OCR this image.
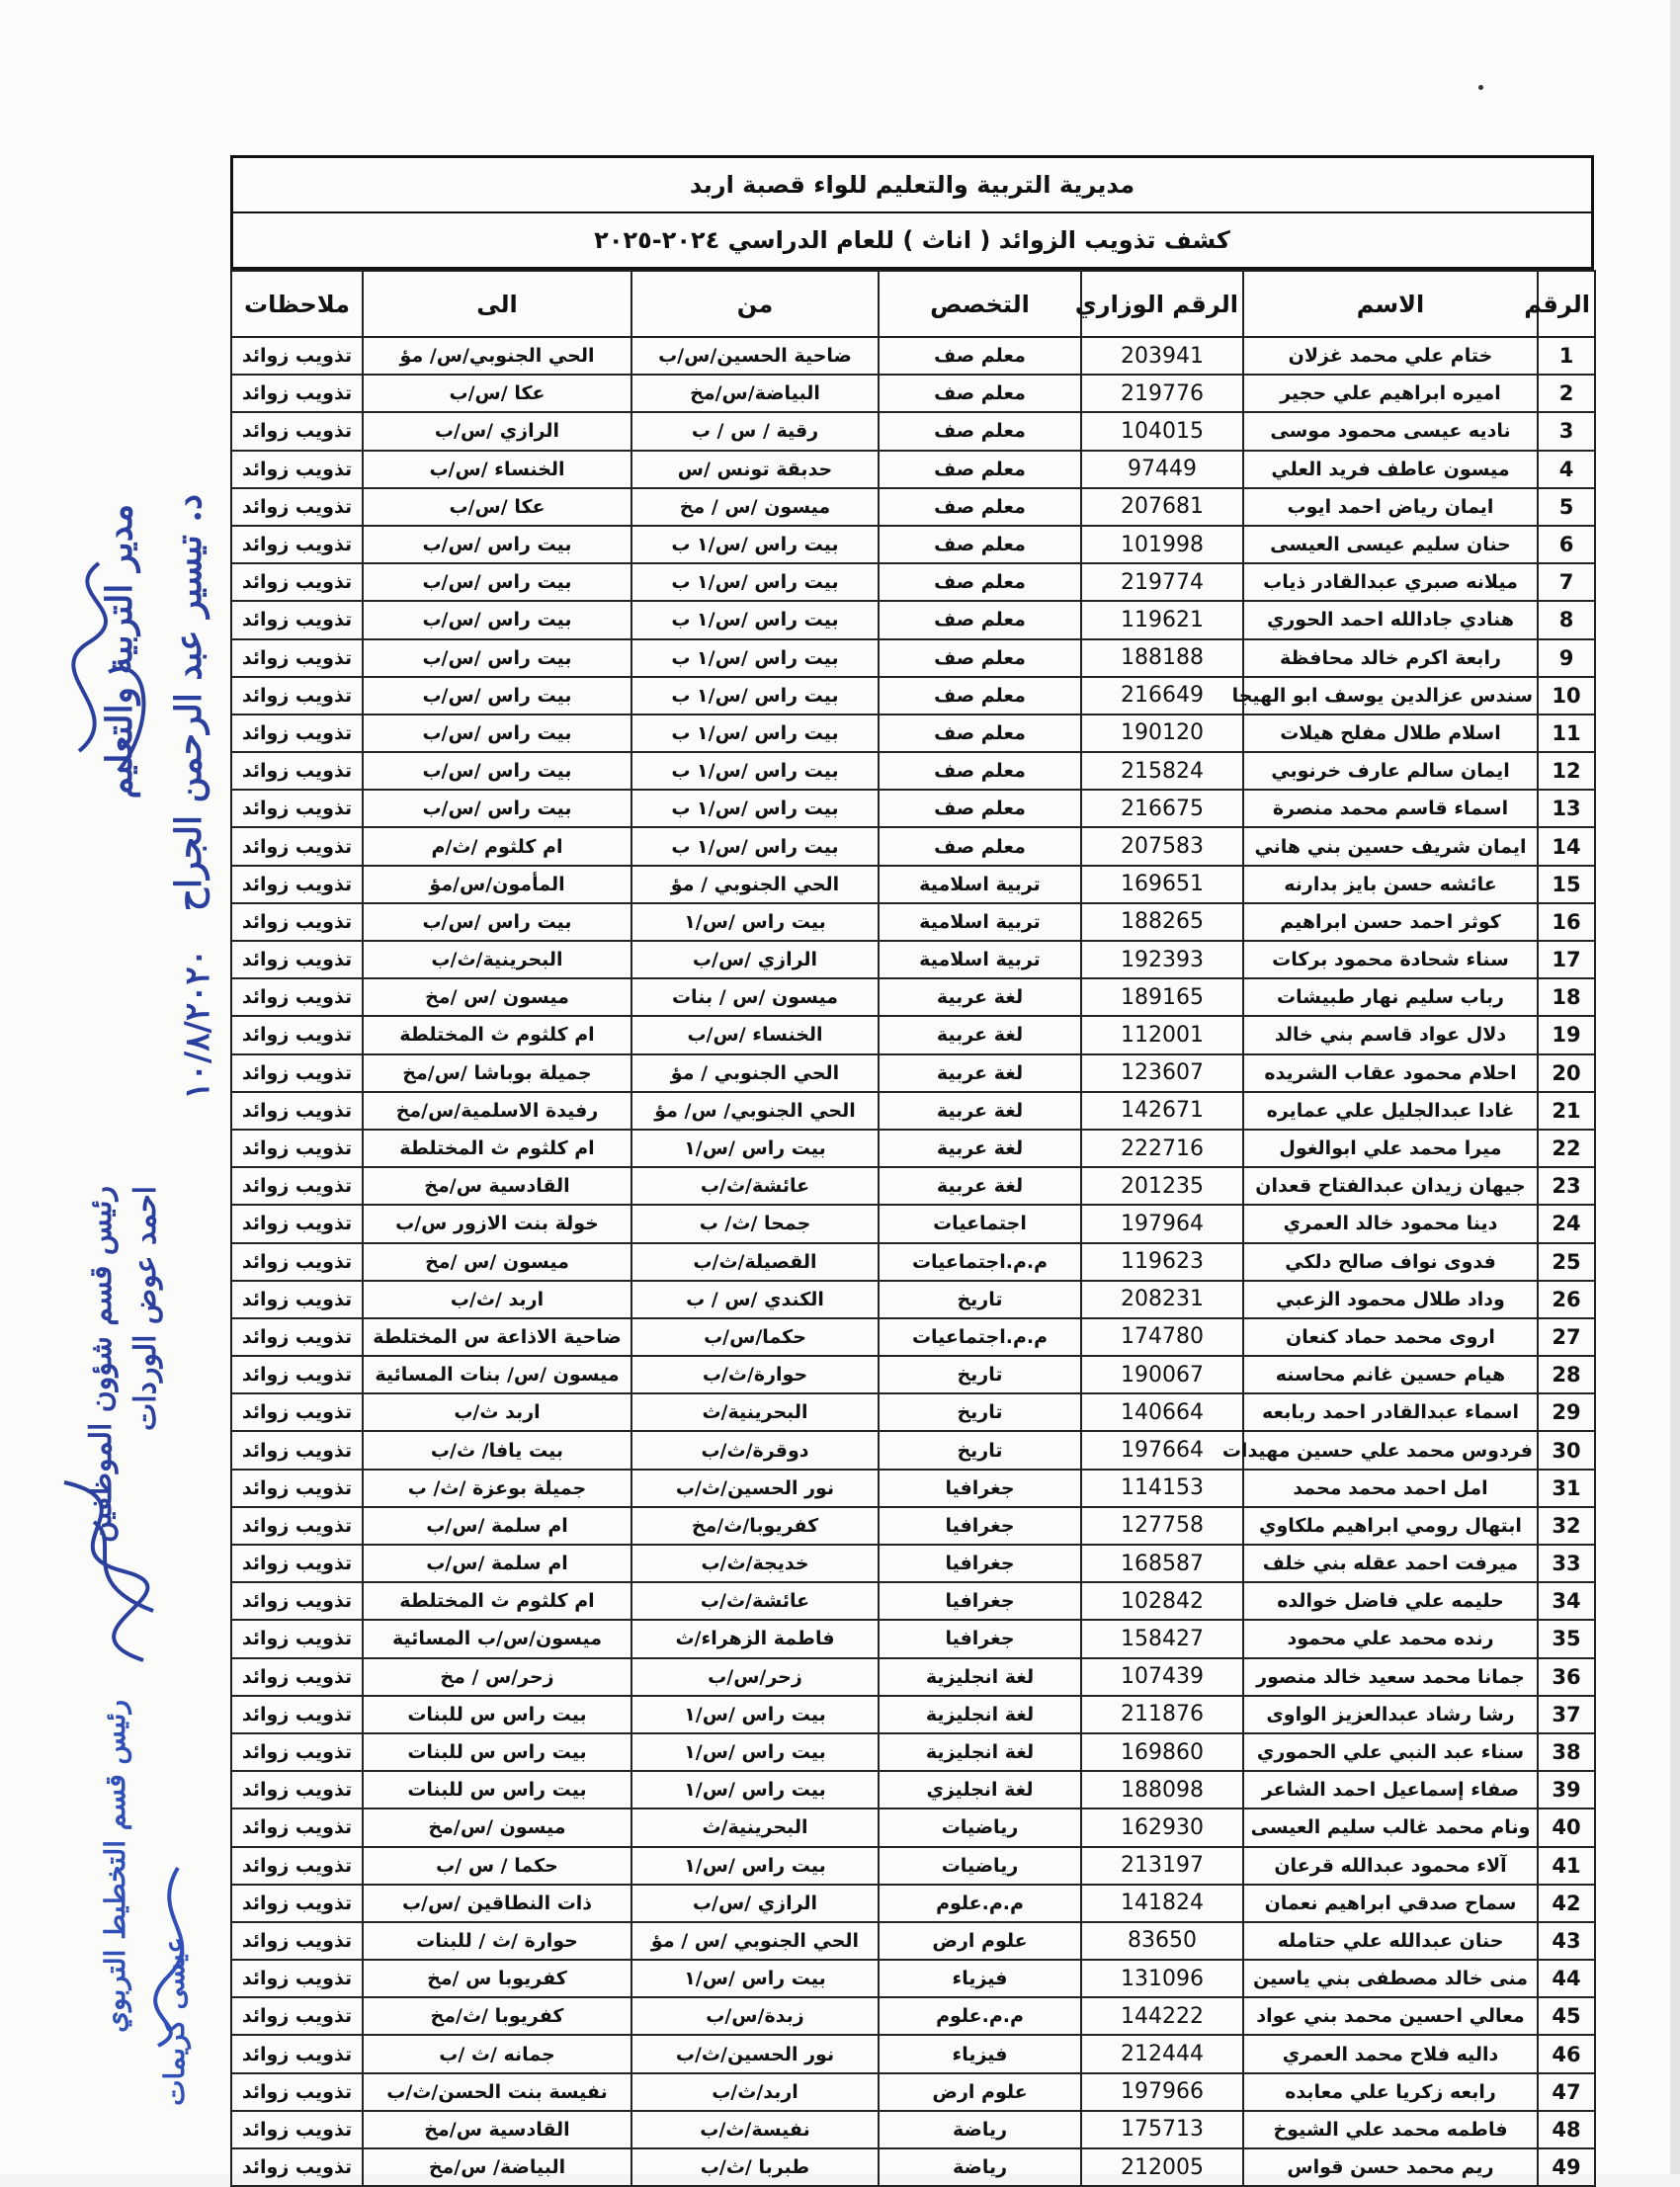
مديرية التربية والتعليم للواء قصبة اربد
كشف تذويب الزوائد ( اناث ) للعام الدراسي ٢٠٢٤-٢٠٢٥
الرقم	الاسم	الرقم الوزاري	التخصص	من	الى	ملاحظات
1	ختام علي محمد غزلان	203941	معلم صف	ضاحية الحسين/س/ب	الحي الجنوبي/س/ مؤ	تذويب زوائد
2	اميره ابراهيم علي حجير	219776	معلم صف	البياضة/س/مخ	عكا /س/ب	تذويب زوائد
3	ناديه عيسى محمود موسى	104015	معلم صف	رقية / س / ب	الرازي /س/ب	تذويب زوائد
4	ميسون عاطف فريد العلي	97449	معلم صف	حدبقة تونس /س	الخنساء /س/ب	تذويب زوائد
5	ايمان رياض احمد ايوب	207681	معلم صف	ميسون /س / مخ	عكا /س/ب	تذويب زوائد
6	حنان سليم عيسى العيسى	101998	معلم صف	بيت راس /س/١ ب	بيت راس /س/ب	تذويب زوائد
7	ميلانه صبري عبدالقادر ذياب	219774	معلم صف	بيت راس /س/١ ب	بيت راس /س/ب	تذويب زوائد
8	هنادي جادالله احمد الحوري	119621	معلم صف	بيت راس /س/١ ب	بيت راس /س/ب	تذويب زوائد
9	رابعة اكرم خالد محافظة	188188	معلم صف	بيت راس /س/١ ب	بيت راس /س/ب	تذويب زوائد
10	سندس عزالدين يوسف ابو الهيجا	216649	معلم صف	بيت راس /س/١ ب	بيت راس /س/ب	تذويب زوائد
11	اسلام طلال مفلح هيلات	190120	معلم صف	بيت راس /س/١ ب	بيت راس /س/ب	تذويب زوائد
12	ايمان سالم عارف خرنوبي	215824	معلم صف	بيت راس /س/١ ب	بيت راس /س/ب	تذويب زوائد
13	اسماء قاسم محمد منصرة	216675	معلم صف	بيت راس /س/١ ب	بيت راس /س/ب	تذويب زوائد
14	ايمان شريف حسين بني هاني	207583	معلم صف	بيت راس /س/١ ب	ام كلثوم /ث/م	تذويب زوائد
15	عائشه حسن بايز بدارنه	169651	تربية اسلامية	الحي الجنوبي / مؤ	المأمون/س/مؤ	تذويب زوائد
16	كوثر احمد حسن ابراهيم	188265	تربية اسلامية	بيت راس /س/١	بيت راس /س/ب	تذويب زوائد
17	سناء شحادة محمود بركات	192393	تربية اسلامية	الرازي /س/ب	البحرينية/ث/ب	تذويب زوائد
18	رباب سليم نهار طبيشات	189165	لغة عربية	ميسون /س / بنات	ميسون /س /مخ	تذويب زوائد
19	دلال عواد قاسم بني خالد	112001	لغة عربية	الخنساء /س/ب	ام كلثوم ث المختلطة	تذويب زوائد
20	احلام محمود عقاب الشريده	123607	لغة عربية	الحي الجنوبي / مؤ	جميلة بوباشا /س/مخ	تذويب زوائد
21	غادا عبدالجليل علي عمايره	142671	لغة عربية	الحي الجنوبي/ س/ مؤ	رفيدة الاسلمية/س/مخ	تذويب زوائد
22	ميرا محمد علي ابوالغول	222716	لغة عربية	بيت راس /س/١	ام كلثوم ث المختلطة	تذويب زوائد
23	جيهان زيدان عبدالفتاح قعدان	201235	لغة عربية	عائشة/ث/ب	القادسية س/مخ	تذويب زوائد
24	دينا محمود خالد العمري	197964	اجتماعيات	جمحا /ث/ ب	خولة بنت الازور س/ب	تذويب زوائد
25	فدوى نواف صالح دلكي	119623	م.م.اجتماعيات	القصيلة/ث/ب	ميسون /س /مخ	تذويب زوائد
26	وداد طلال محمود الزعبي	208231	تاريخ	الكندي /س / ب	اربد /ث/ب	تذويب زوائد
27	اروى محمد حماد كنعان	174780	م.م.اجتماعيات	حكما/س/ب	ضاحية الاذاعة س المختلطة	تذويب زوائد
28	هيام حسين غانم محاسنه	190067	تاريخ	حوارة/ث/ب	ميسون /س/ بنات المسائية	تذويب زوائد
29	اسماء عبدالقادر احمد ربابعه	140664	تاريخ	البحرينية/ث	اربد ث/ب	تذويب زوائد
30	فردوس محمد علي حسين مهيدات	197664	تاريخ	دوقرة/ث/ب	بيت يافا/ ث/ب	تذويب زوائد
31	امل احمد محمد محمد	114153	جغرافيا	نور الحسين/ث/ب	جميلة بوعزة /ث/ ب	تذويب زوائد
32	ابتهال رومي ابراهيم ملكاوي	127758	جغرافيا	كفريوبا/ث/مخ	ام سلمة /س/ب	تذويب زوائد
33	ميرفت احمد عقله بني خلف	168587	جغرافيا	خديجة/ث/ب	ام سلمة /س/ب	تذويب زوائد
34	حليمه علي فاضل خوالده	102842	جغرافيا	عائشة/ث/ب	ام كلثوم ث المختلطة	تذويب زوائد
35	رنده محمد علي محمود	158427	جغرافيا	فاطمة الزهراء/ث	ميسون/س/ب المسائية	تذويب زوائد
36	جمانا محمد سعيد خالد منصور	107439	لغة انجليزية	زحر/س/ب	زحر/س / مخ	تذويب زوائد
37	رشا رشاد عبدالعزيز الواوى	211876	لغة انجليزية	بيت راس /س/١	بيت راس س للبنات	تذويب زوائد
38	سناء عبد النبي علي الحموري	169860	لغة انجليزية	بيت راس /س/١	بيت راس س للبنات	تذويب زوائد
39	صفاء إسماعيل احمد الشاعر	188098	لغة انجليزي	بيت راس /س/١	بيت راس س للبنات	تذويب زوائد
40	ونام محمد غالب سليم العيسى	162930	رياضيات	البحرينية/ث	ميسون /س/مخ	تذويب زوائد
41	آلاء محمود عبدالله قرعان	213197	رياضيات	بيت راس /س/١	حكما / س /ب	تذويب زوائد
42	سماح صدقي ابراهيم نعمان	141824	م.م.علوم	الرازي /س/ب	ذات النطاقين /س/ب	تذويب زوائد
43	حنان عبدالله علي حتامله	83650	علوم ارض	الحي الجنوبي /س / مؤ	حوارة /ث / للبنات	تذويب زوائد
44	منى خالد مصطفى بني ياسين	131096	فيزياء	بيت راس /س/١	كفريوبا س /مخ	تذويب زوائد
45	معالي احسين محمد بني عواد	144222	م.م.علوم	زبدة/س/ب	كفريوبا /ث/مخ	تذويب زوائد
46	داليه فلاح محمد العمري	212444	فيزياء	نور الحسين/ث/ب	جمانه /ث /ب	تذويب زوائد
47	رابعه زكريا علي معابده	197966	علوم ارض	اربد/ث/ب	نفيسة بنت الحسن/ث/ب	تذويب زوائد
48	فاطمه محمد علي الشيوخ	175713	رياضة	نفيسة/ث/ب	القادسية س/مخ	تذويب زوائد
49	ريم محمد حسن قواس	212005	رياضة	طبربا /ث/ب	البياضة/ س/مخ	تذويب زوائد
مدير التربية والتعليم د. تيسير عبد الرحمن الجراح
١٠/٨/٢٠٢٠
رئيس قسم شؤون الموظفين احمد عوض الوردات
رئيس قسم التخطيط التربوي عيسى كريمات
